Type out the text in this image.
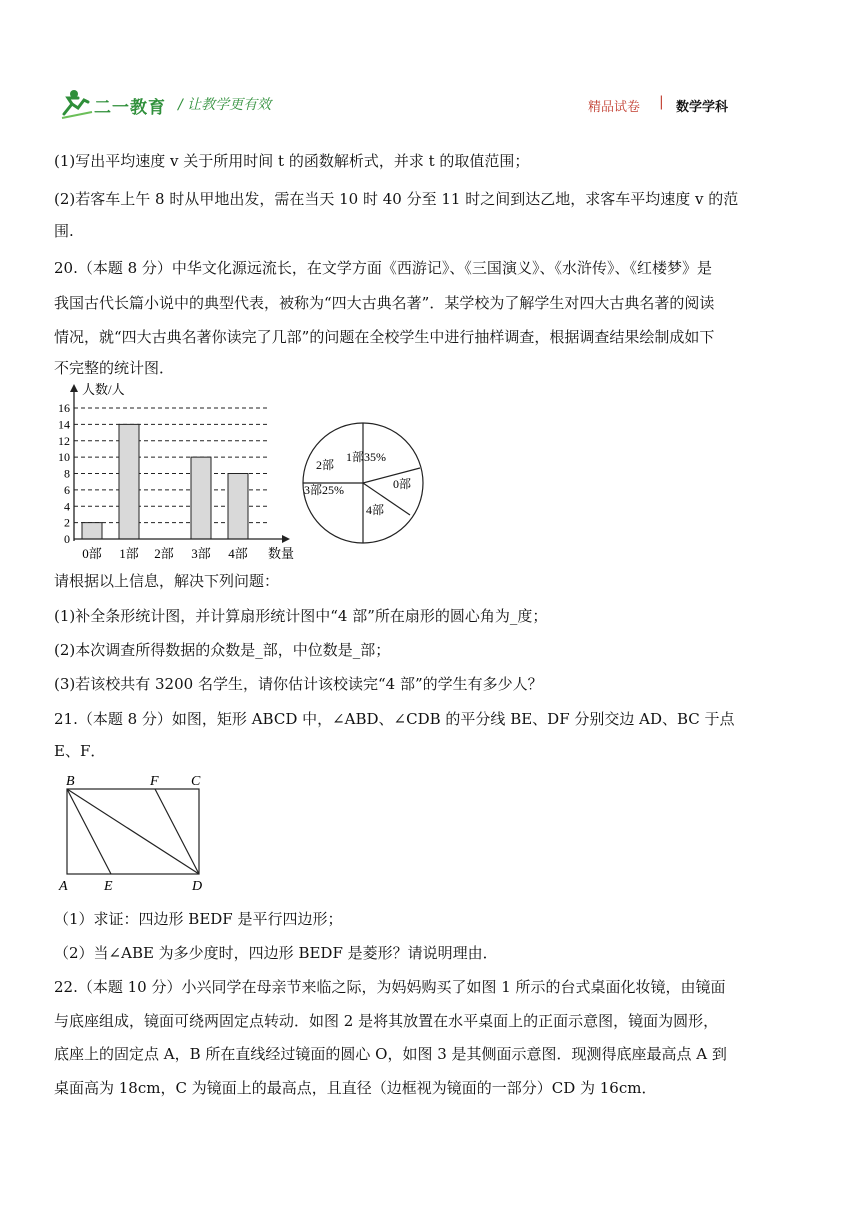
二一教育 / 让教学更有效	精品试卷 | 数学学科

(1)写出平均速度 v 关于所用时间 t 的函数解析式，并求 t 的取值范围；

(2)若客车上午 8 时从甲地出发，需在当天 10 时 40 分至 11 时之间到达乙地，求客车平均速度 v 的范

围.

20.（本题 8 分）中华文化源远流长，在文学方面《西游记》、《三国演义》、《水浒传》、《红楼梦》是

我国古代长篇小说中的典型代表，被称为“四大古典名著”．某学校为了解学生对四大古典名著的阅读

情况，就“四大古典名著你读完了几部”的问题在全校学生中进行抽样调查，根据调查结果绘制成如下

不完整的统计图．

0
2
4
6
8
10
12
14
16
人数/人
数量
0部 1部 2部 3部 4部
1部35%
2部
3部25%
4部
0部

请根据以上信息，解决下列问题：

(1)补全条形统计图，并计算扇形统计图中“4 部”所在扇形的圆心角为_度；

(2)本次调查所得数据的众数是_部，中位数是_部；

(3)若该校共有 3200 名学生，请你估计该校读完“4 部”的学生有多少人？

21.（本题 8 分）如图，矩形 ABCD 中，∠ABD、∠CDB 的平分线 BE、DF 分别交边 AD、BC 于点

E、F．

B	F C
A	E	D

（1）求证：四边形 BEDF 是平行四边形；

（2）当∠ABE 为多少度时，四边形 BEDF 是菱形？请说明理由．

22.（本题 10 分）小兴同学在母亲节来临之际，为妈妈购买了如图 1 所示的台式桌面化妆镜，由镜面

与底座组成，镜面可绕两固定点转动．如图 2 是将其放置在水平桌面上的正面示意图，镜面为圆形，

底座上的固定点 A，B 所在直线经过镜面的圆心 O，如图 3 是其侧面示意图．现测得底座最高点 A 到

桌面高为 18cm，C 为镜面上的最高点，且直径（边框视为镜面的一部分）CD 为 16cm．
